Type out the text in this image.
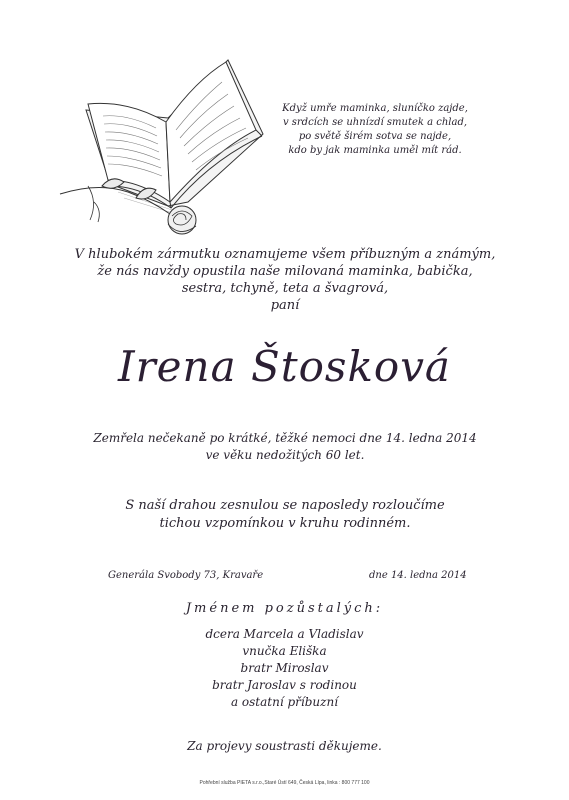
Když umře maminka, sluníčko zajde,
v srdcích se uhnízdí smutek a chlad,
po světě širém sotva se najde,
kdo by jak maminka uměl mít rád.
V hlubokém zármutku oznamujeme všem příbuzným a známým,
že nás navždy opustila naše milovaná maminka, babička,
sestra, tchyně, teta a švagrová,
paní
Irena Štosková
Zemřela nečekaně po krátké, těžké nemoci dne 14. ledna 2014
ve věku nedožitých 60 let.
S naší drahou zesnulou se naposledy rozloučíme
tichou vzpomínkou v kruhu rodinném.
Generála Svobody 73, Kravaře	dne 14. ledna 2014
Jménem pozůstalých:
dcera Marcela a Vladislav
vnučka Eliška
bratr Miroslav
bratr Jaroslav s rodinou
a ostatní příbuzní
Za projevy soustrasti děkujeme.
Pohřební služba PIETA s.r.o.,Staré Ústí 649, Česká Lípa, linka : 800 777 100
